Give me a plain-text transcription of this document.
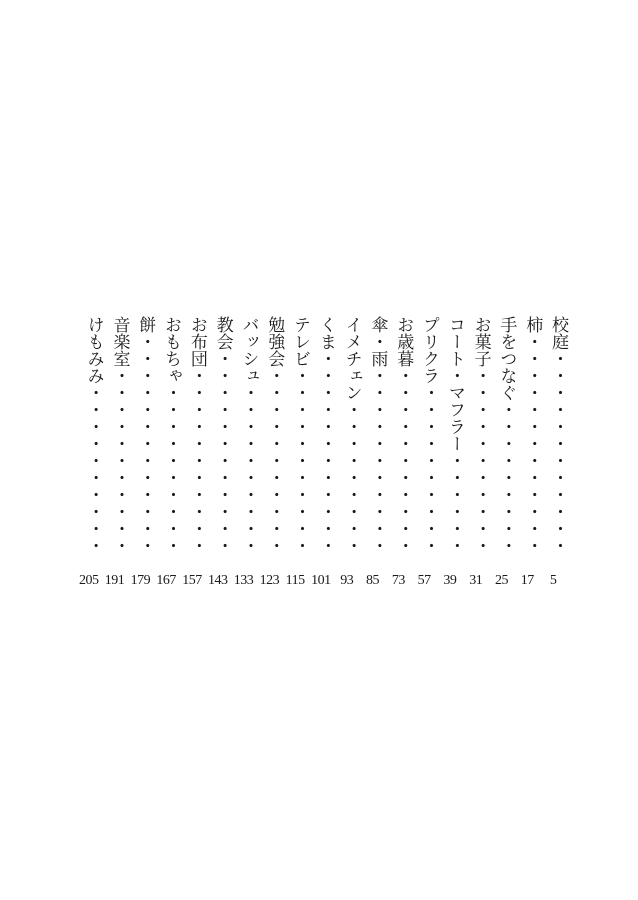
校庭・・・・・・・・・・・・
5
柿・・・・・・・・・・・・・
17
手をつなぐ・・・・・・・・・
25
お菓子・・・・・・・・・・・
31
コート・マフラー・・・・・・
39
プリクラ・・・・・・・・・・
57
お歳暮・・・・・・・・・・・
73
傘・雨・・・・・・・・・・・
85
イメチェン・・・・・・・・・
93
くま・・・・・・・・・・・・
101
テレビ・・・・・・・・・・・
115
勉強会・・・・・・・・・・・
123
バッシュ・・・・・・・・・・
133
教会・・・・・・・・・・・・
143
お布団・・・・・・・・・・・
157
おもちゃ・・・・・・・・・・
167
餅・・・・・・・・・・・・・
179
音楽室・・・・・・・・・・・
191
けもみみ・・・・・・・・・・
205
